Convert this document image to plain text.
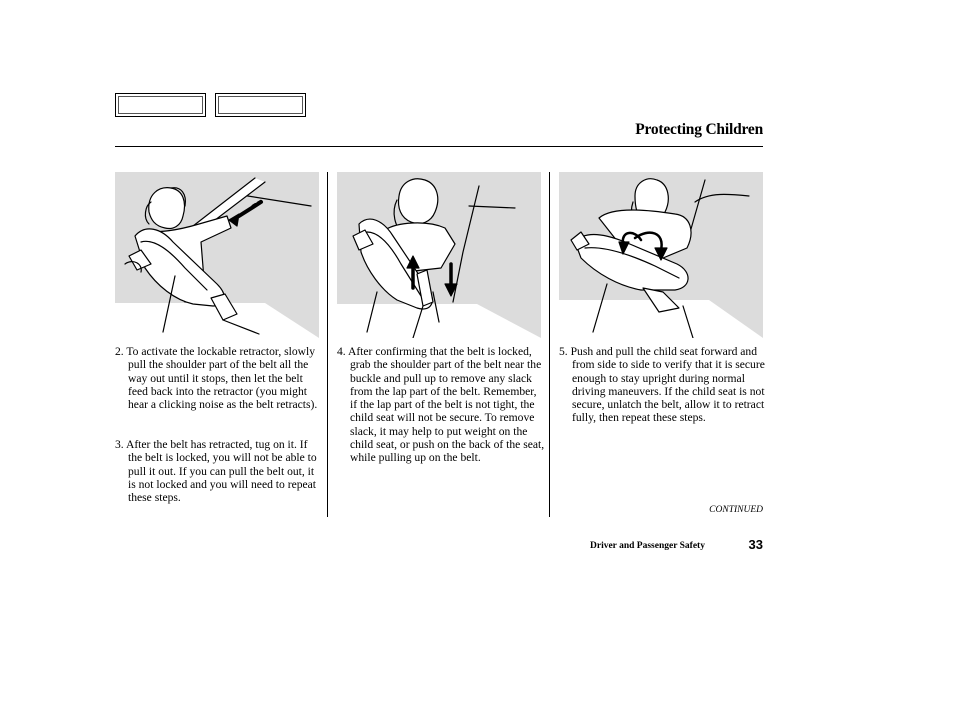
Protecting Children

2. To activate the lockable retractor, slowly pull the shoulder part of the belt all the way out until it stops, then let the belt feed back into the retractor (you might hear a clicking noise as the belt retracts).

3. After the belt has retracted, tug on it. If the belt is locked, you will not be able to pull it out. If you can pull the belt out, it is not locked and you will need to repeat these steps.

4. After confirming that the belt is locked, grab the shoulder part of the belt near the buckle and pull up to remove any slack from the lap part of the belt. Remember, if the lap part of the belt is not tight, the child seat will not be secure. To remove slack, it may help to put weight on the child seat, or push on the back of the seat, while pulling up on the belt.

5. Push and pull the child seat forward and from side to side to verify that it is secure enough to stay upright during normal driving maneuvers. If the child seat is not secure, unlatch the belt, allow it to retract fully, then repeat these steps.

CONTINUED
Driver and Passenger Safety	33
